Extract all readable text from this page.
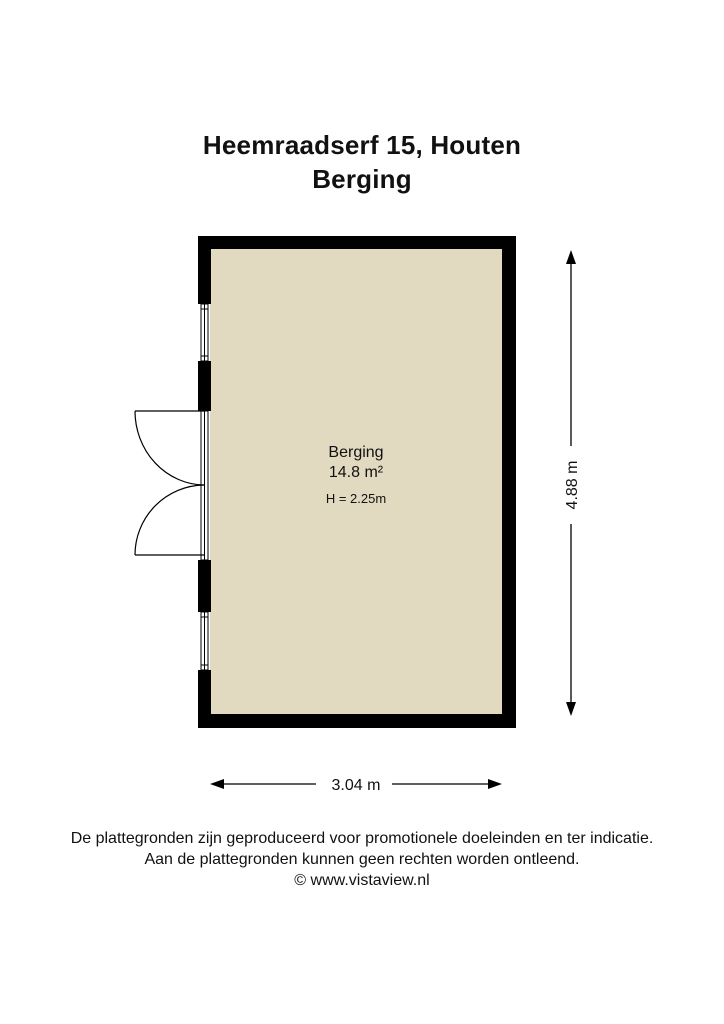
Heemraadserf 15, Houten
Berging
Berging
14.8 m²
H = 2.25m	4.88 m
3.04 m
De plattegronden zijn geproduceerd voor promotionele doeleinden en ter indicatie.
Aan de plattegronden kunnen geen rechten worden ontleend.
© www.vistaview.nl
